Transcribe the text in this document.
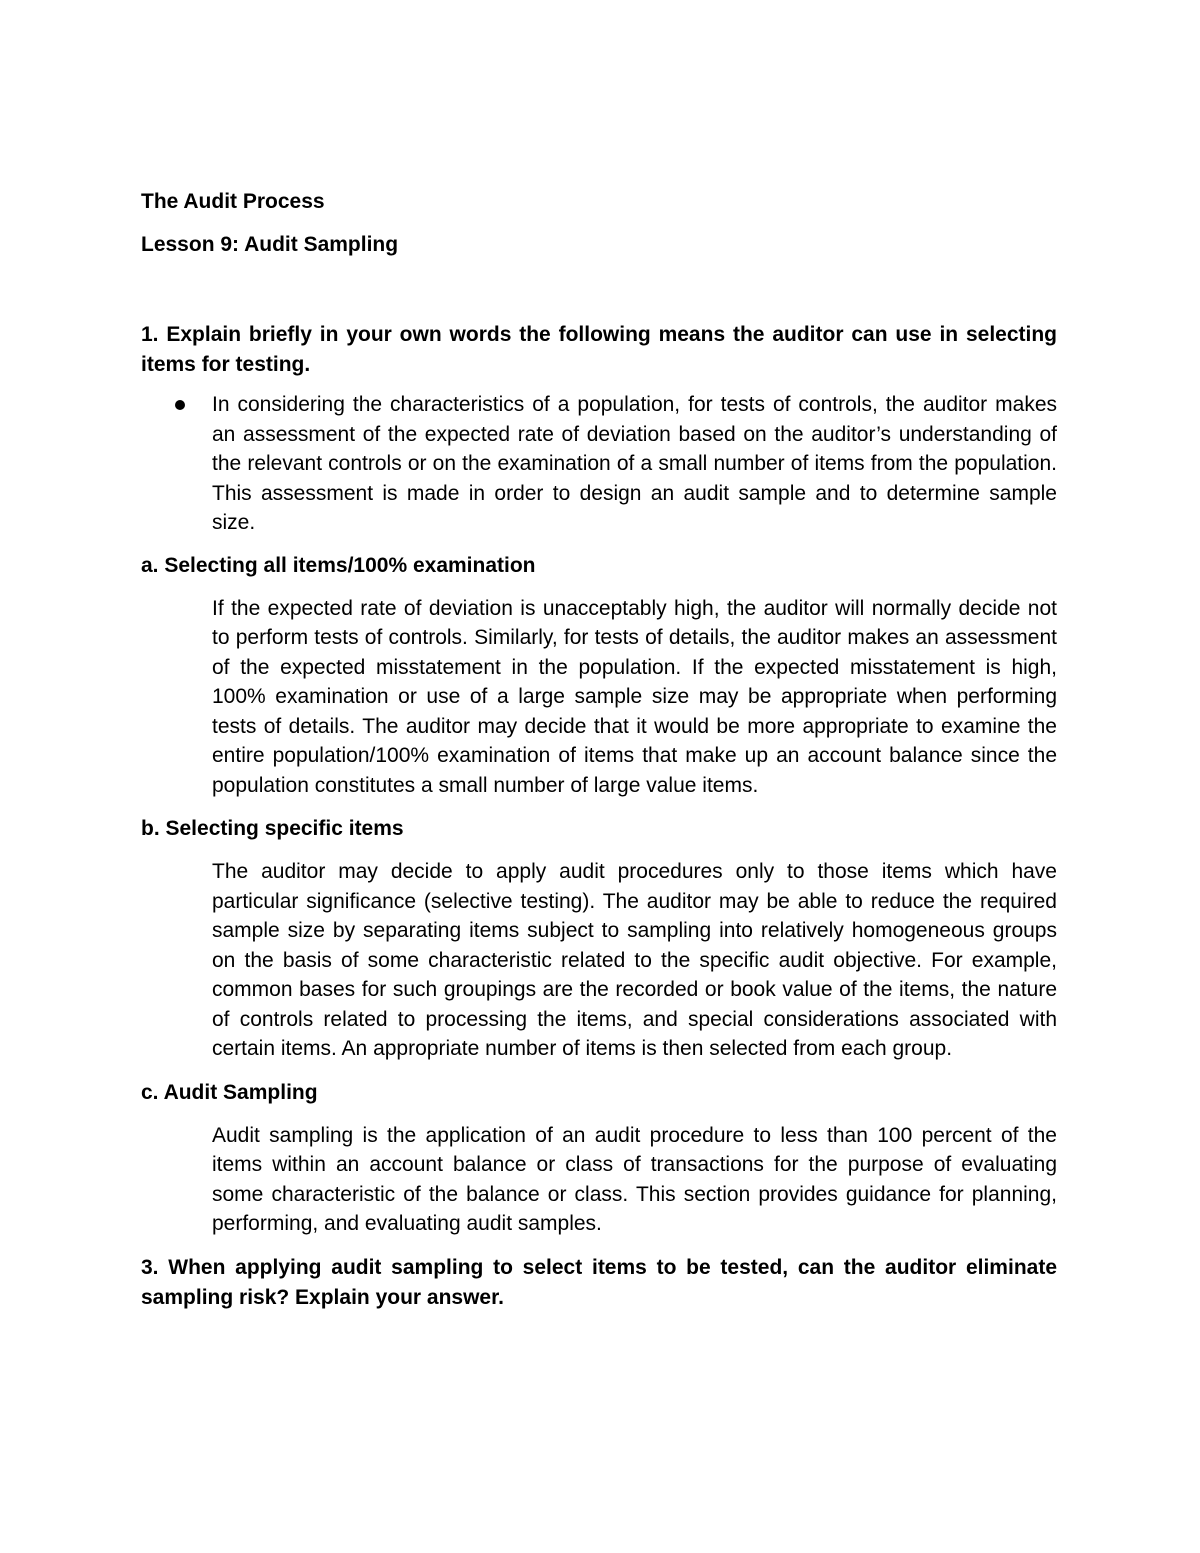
The Audit Process

Lesson 9: Audit Sampling

1. Explain briefly in your own words the following means the auditor can use in selecting items for testing.

In considering the characteristics of a population, for tests of controls, the auditor makes an assessment of the expected rate of deviation based on the auditor’s understanding of the relevant controls or on the examination of a small number of items from the population. This assessment is made in order to design an audit sample and to determine sample size.

a. Selecting all items/100% examination

If the expected rate of deviation is unacceptably high, the auditor will normally decide not to perform tests of controls. Similarly, for tests of details, the auditor makes an assessment of the expected misstatement in the population. If the expected misstatement is high, 100% examination or use of a large sample size may be appropriate when performing tests of details. The auditor may decide that it would be more appropriate to examine the entire population/100% examination of items that make up an account balance since the population constitutes a small number of large value items.

b. Selecting specific items

The auditor may decide to apply audit procedures only to those items which have particular significance (selective testing). The auditor may be able to reduce the required sample size by separating items subject to sampling into relatively homogeneous groups on the basis of some characteristic related to the specific audit objective. For example, common bases for such groupings are the recorded or book value of the items, the nature of controls related to processing the items, and special considerations associated with certain items. An appropriate number of items is then selected from each group.

c. Audit Sampling

Audit sampling is the application of an audit procedure to less than 100 percent of the items within an account balance or class of transactions for the purpose of evaluating some characteristic of the balance or class. This section provides guidance for planning, performing, and evaluating audit samples.

3. When applying audit sampling to select items to be tested, can the auditor eliminate sampling risk? Explain your answer.
